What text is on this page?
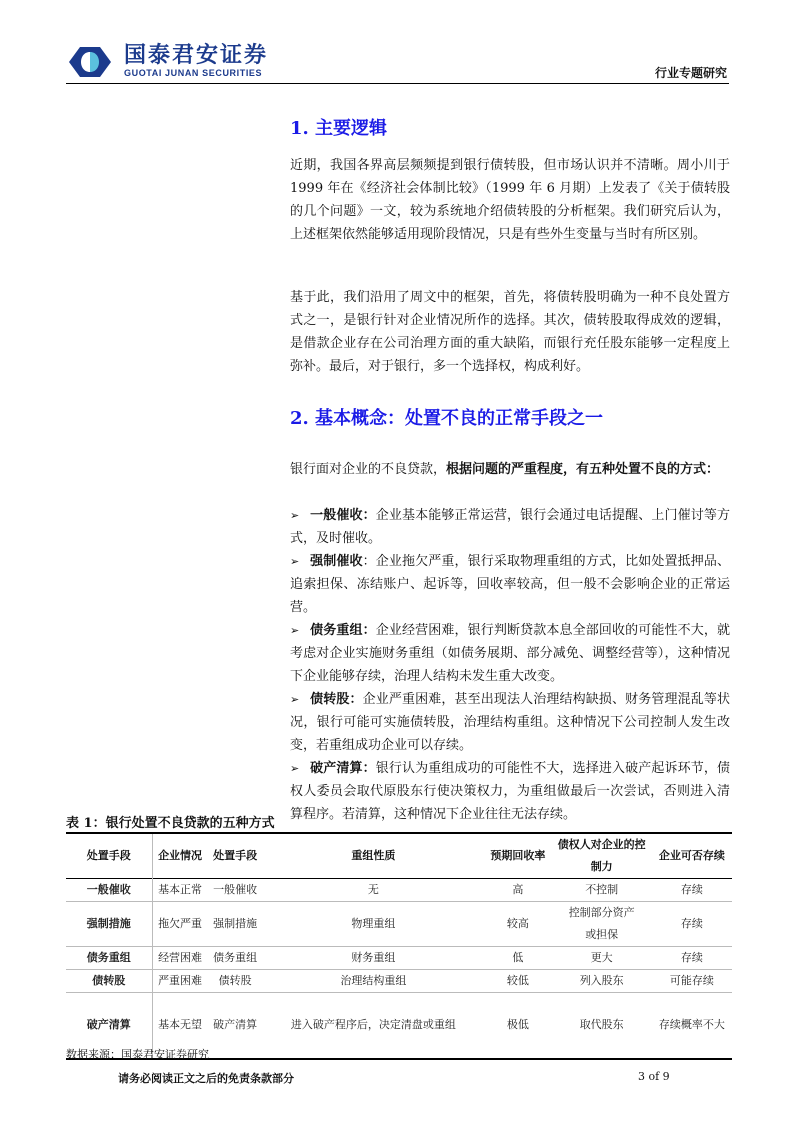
国泰君安证券
GUOTAI JUNAN SECURITIES	行业专题研究
1. 主要逻辑

近期，我国各界高层频频提到银行债转股，但市场认识并不清晰。周小川于 1999 年在《经济社会体制比较》（1999 年 6 月期）上发表了《关于债转股的几个问题》一文，较为系统地介绍债转股的分析框架。我们研究后认为，上述框架依然能够适用现阶段情况，只是有些外生变量与当时有所区别。

基于此，我们沿用了周文中的框架，首先，将债转股明确为一种不良处置方式之一，是银行针对企业情况所作的选择。其次，债转股取得成效的逻辑，是借款企业存在公司治理方面的重大缺陷，而银行充任股东能够一定程度上弥补。最后，对于银行，多一个选择权，构成利好。

2. 基本概念：处置不良的正常手段之一

银行面对企业的不良贷款，根据问题的严重程度，有五种处置不良的方式：

➢ 一般催收：企业基本能够正常运营，银行会通过电话提醒、上门催讨等方式，及时催收。

➢ 强制催收：企业拖欠严重，银行采取物理重组的方式，比如处置抵押品、追索担保、冻结账户、起诉等，回收率较高，但一般不会影响企业的正常运营。

➢ 债务重组：企业经营困难，银行判断贷款本息全部回收的可能性不大，就考虑对企业实施财务重组（如债务展期、部分减免、调整经营等），这种情况下企业能够存续，治理人结构未发生重大改变。

➢ 债转股：企业严重困难，甚至出现法人治理结构缺损、财务管理混乱等状况，银行可能可实施债转股，治理结构重组。这种情况下公司控制人发生改变，若重组成功企业可以存续。

➢ 破产清算：银行认为重组成功的可能性不大，选择进入破产起诉环节，债权人委员会取代原股东行使决策权力，为重组做最后一次尝试，否则进入清算程序。若清算，这种情况下企业往往无法存续。

表 1：银行处置不良贷款的五种方式
处置手段	企业情况	处置手段	重组性质	预期回收率	债权人对企业的控制力	企业可否存续
一般催收	基本正常	一般催收	无	高	不控制	存续
强制措施	拖欠严重	强制措施	物理重组	较高	控制部分资产或担保	存续
债务重组	经营困难	债务重组	财务重组	低	更大	存续
债转股	严重困难	债转股	治理结构重组	较低	列入股东	可能存续
破产清算	基本无望	破产清算	进入破产程序后，决定清盘或重组	极低	取代股东	存续概率不大
数据来源：国泰君安证券研究
请务必阅读正文之后的免责条款部分	3 of 9
